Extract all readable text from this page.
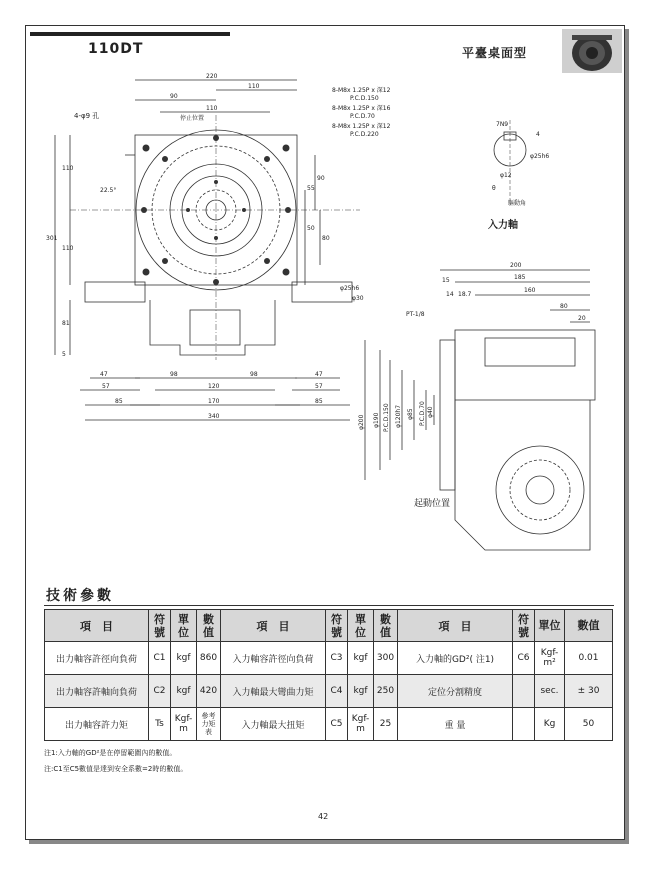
110DT	平臺桌面型
220
110
90
110
停止位置
4-φ9 孔
22.5°
8-M8x 1.25P x 深12
P.C.D.150
8-M8x 1.25P x 深16
P.C.D.70
8-M8x 1.25P x 深12
P.C.D.220
110
301
110
81
5
90
55
50
80
φ25h6
φ30
47
57
85
98	98
120
170
340
47
57
85
7N9
4
φ12
φ25h6
θ
驅動角
入力軸
200
185
160
80
20
15
14 18.7
PT-1/8
φ200 φ190 P.C.D.150 φ120h7 φ85 P.C.D.70 φ40
起動位置
技術參數
項　目	符號	單位	數值	項　目	符號	單位	數值	項　目	符號	單位	數值
出力軸容許徑向負荷	C1	kgf	860	入力軸容許徑向負荷	C3	kgf	300	入力軸的GD²( 注1)	C6	Kgf-m²	0.01
出力軸容許軸向負荷	C2	kgf	420	入力軸最大彎曲力矩	C4	kgf	250	定位分割精度		sec.	± 30
出力軸容許力矩	Ts	Kgf-m	參考力矩表	入力軸最大扭矩	C5	Kgf-m	25	重 量		Kg	50
注1:入力軸的GD²是在停留範圍內的數值。
注:C1至C5數值是達到安全系數=2時的數值。
42
